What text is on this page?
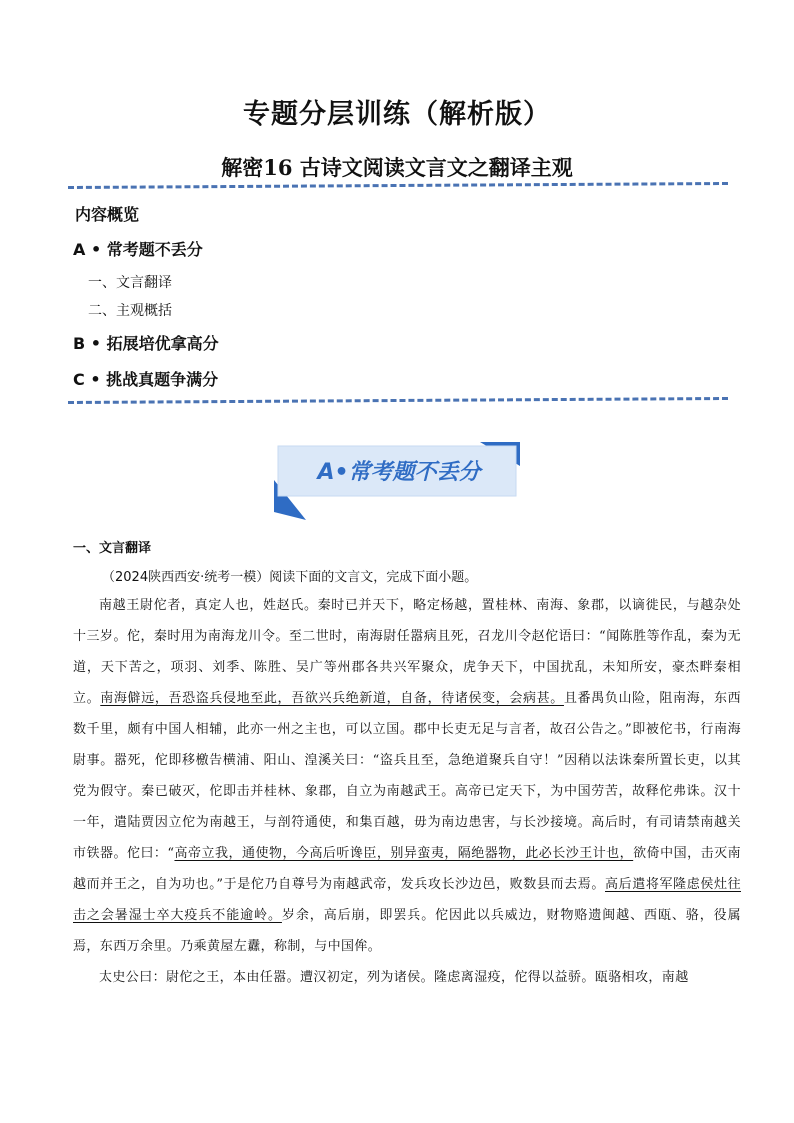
专题分层训练（解析版）
解密16 古诗文阅读文言文之翻译主观
内容概览
A • 常考题不丢分
一、文言翻译
二、主观概括
B • 拓展培优拿高分
C • 挑战真题争满分
A•常考题不丢分
一、文言翻译
（2024陕西西安·统考一模）阅读下面的文言文，完成下面小题。

南越王尉佗者，真定人也，姓赵氏。秦时已并天下，略定杨越，置桂林、南海、象郡，以谪徙民，与越杂处十三岁。佗，秦时用为南海龙川令。至二世时，南海尉任嚣病且死，召龙川令赵佗语曰：“闻陈胜等作乱，秦为无道，天下苦之，项羽、刘季、陈胜、吴广等州郡各共兴军聚众，虎争天下，中国扰乱，未知所安，豪杰畔秦相立。南海僻远，吾恐盗兵侵地至此，吾欲兴兵绝新道，自备，待诸侯变，会病甚。且番禺负山险，阻南海，东西数千里，颇有中国人相辅，此亦一州之主也，可以立国。郡中长吏无足与言者，故召公告之。”即被佗书，行南海尉事。嚣死，佗即移檄告横浦、阳山、湟溪关曰：“盗兵且至，急绝道聚兵自守！”因稍以法诛秦所置长吏，以其党为假守。秦已破灭，佗即击并桂林、象郡，自立为南越武王。高帝已定天下，为中国劳苦，故释佗弗诛。汉十一年，遣陆贾因立佗为南越王，与剖符通使，和集百越，毋为南边患害，与长沙接境。高后时，有司请禁南越关市铁器。佗曰：“高帝立我，通使物，今高后听谗臣，别异蛮夷，隔绝器物，此必长沙王计也，欲倚中国，击灭南越而并王之，自为功也。”于是佗乃自尊号为南越武帝，发兵攻长沙边邑，败数县而去焉。高后遣将军隆虑侯灶往击之会暑湿士卒大疫兵不能逾岭。岁余，高后崩，即罢兵。佗因此以兵威边，财物赂遗闽越、西瓯、骆，役属焉，东西万余里。乃乘黄屋左纛，称制，与中国侔。

太史公曰：尉佗之王，本由任嚣。遭汉初定，列为诸侯。隆虑离湿疫，佗得以益骄。瓯骆相攻，南越
